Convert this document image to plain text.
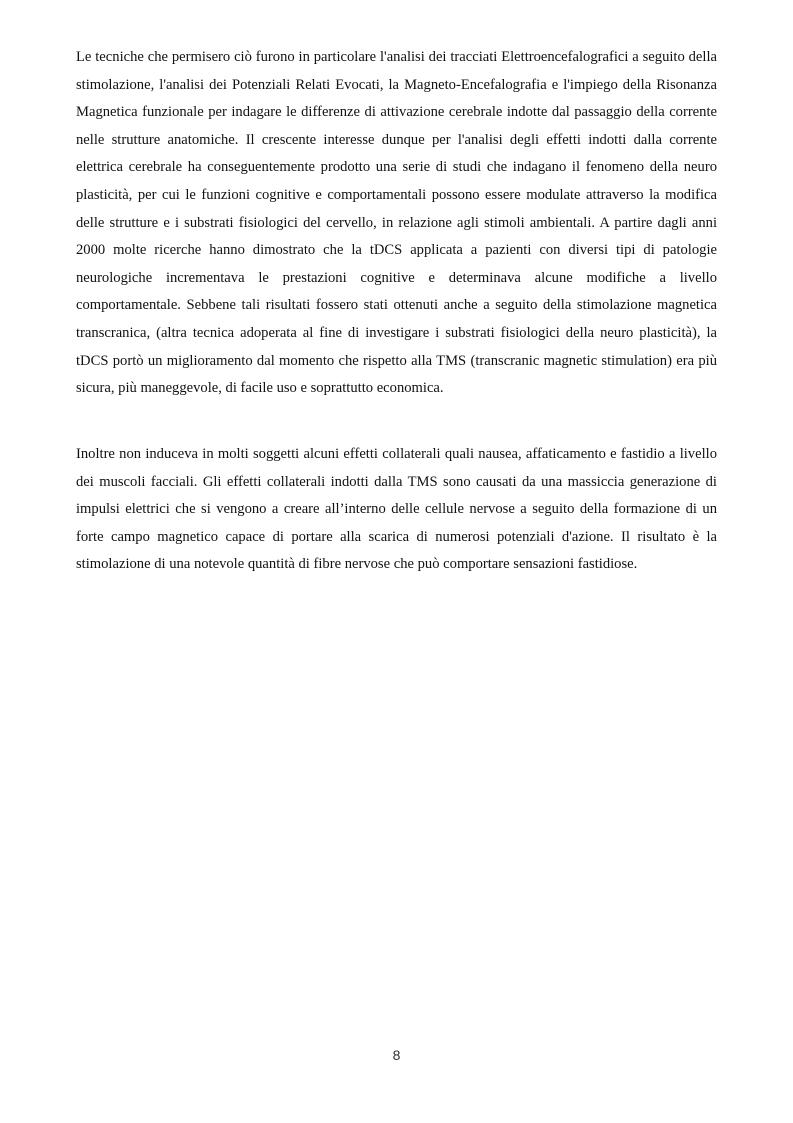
Le tecniche che permisero ciò furono in particolare l'analisi dei tracciati Elettroencefalografici a seguito della stimolazione, l'analisi dei Potenziali Relati Evocati, la Magneto-Encefalografia e l'impiego della Risonanza Magnetica funzionale per indagare le differenze di attivazione cerebrale indotte dal passaggio della corrente nelle strutture anatomiche. Il crescente interesse dunque per l'analisi degli effetti indotti dalla corrente elettrica cerebrale ha conseguentemente prodotto una serie di studi che indagano il fenomeno della neuro plasticità, per cui le funzioni cognitive e comportamentali possono essere modulate attraverso la modifica delle strutture e i substrati fisiologici del cervello, in relazione agli stimoli ambientali. A partire dagli anni 2000 molte ricerche hanno dimostrato che la tDCS applicata a pazienti con diversi tipi di patologie neurologiche incrementava le prestazioni cognitive e determinava alcune modifiche a livello comportamentale. Sebbene tali risultati fossero stati ottenuti anche a seguito della stimolazione magnetica transcranica, (altra tecnica adoperata al fine di investigare i substrati fisiologici della neuro plasticità), la tDCS portò un miglioramento dal momento che rispetto alla TMS (transcranic magnetic stimulation) era più sicura, più maneggevole, di facile uso e soprattutto economica.

Inoltre non induceva in molti soggetti alcuni effetti collaterali quali nausea, affaticamento e fastidio a livello dei muscoli facciali. Gli effetti collaterali indotti dalla TMS sono causati da una massiccia generazione di impulsi elettrici che si vengono a creare all’interno delle cellule nervose a seguito della formazione di un forte campo magnetico capace di portare alla scarica di numerosi potenziali d'azione. Il risultato è la stimolazione di una notevole quantità di fibre nervose che può comportare sensazioni fastidiose.

8
